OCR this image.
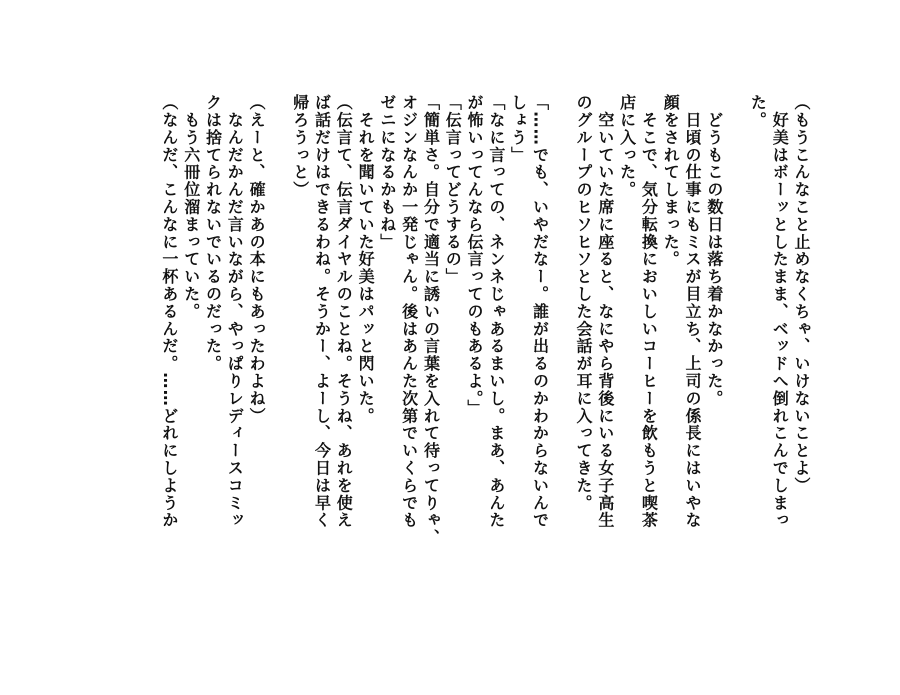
（もうこんなこと止めなくちゃ、いけないことよ）
　好美はボーッとしたまま、ベッドへ倒れこんでしまっ
た。
　どうもこの数日は落ち着かなかった。
　日頃の仕事にもミスが目立ち、上司の係長にはいやな
顔をされてしまった。
　そこで、気分転換においしいコーヒーを飲もうと喫茶
店に入った。
　空いていた席に座ると、なにやら背後にいる女子高生
のグループのヒソヒソとした会話が耳に入ってきた。
「……でも、いやだなー。誰が出るのかわからないんで
しょう」
「なに言っての、ネンネじゃあるまいし。まあ、あんた
が怖いってんなら伝言ってのもあるよ。」
「伝言ってどうするの」
「簡単さ。自分で適当に誘いの言葉を入れて待ってりゃ、
オジンなんか一発じゃん。後はあんた次第でいくらでも
ゼニになるかもね」
　それを聞いていた好美はパッと閃いた。
（伝言て、伝言ダイヤルのことね。そうね、あれを使え
ば話だけはできるわね。そうかー、よーし、今日は早く
帰ろうっと）
（えーと、確かあの本にもあったわよね）
　なんだかんだ言いながら、やっぱりレディースコミッ
クは捨てられないでいるのだった。
　もう六冊位溜まっていた。
（なんだ、こんなに一杯あるんだ。……どれにしようか
